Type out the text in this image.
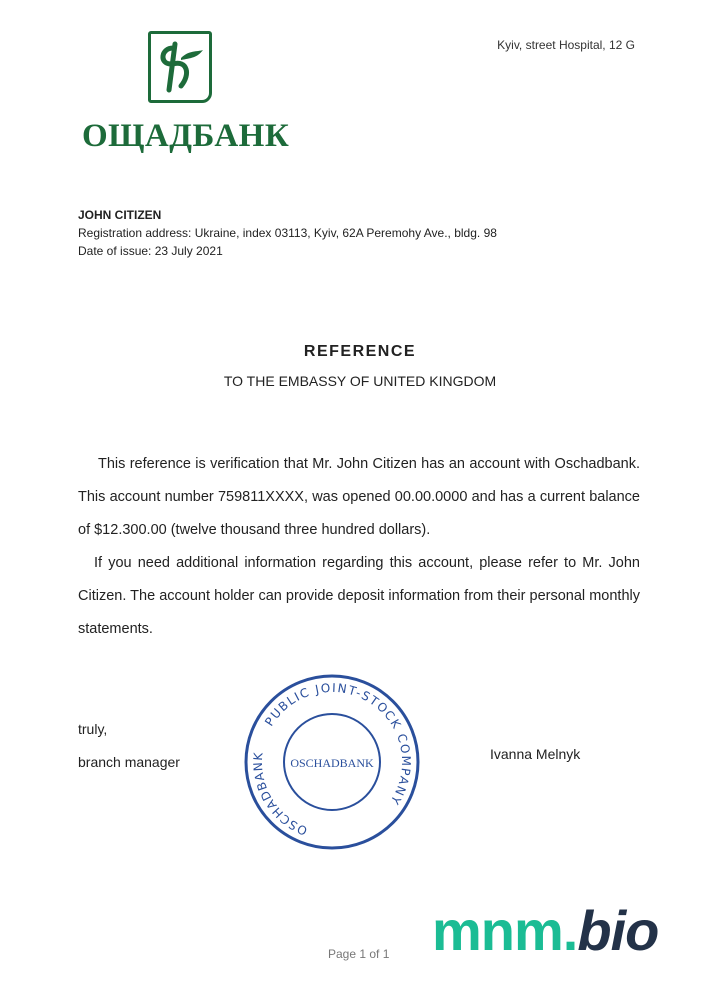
ОЩАДБАНК
Kyiv, street Hospital, 12 G
JOHN CITIZEN
Registration address: Ukraine, index 03113, Kyiv, 62A Peremohy Ave., bldg. 98
Date of issue: 23 July 2021
REFERENCE
TO THE EMBASSY OF UNITED KINGDOM

This reference is verification that Mr. John Citizen has an account with Oschadbank. This account number 759811XXXX, was opened 00.00.0000 and has a current balance of $12.300.00 (twelve thousand three hundred dollars).

If you need additional information regarding this account, please refer to Mr. John Citizen. The account holder can provide deposit information from their personal monthly statements.

truly,
branch manager	Ivanna Melnyk
PUBLIC JOINT-STOCK COMPANY
OSCHADBANK	OSCHADBANK
Page 1 of 1 mnm.bio
